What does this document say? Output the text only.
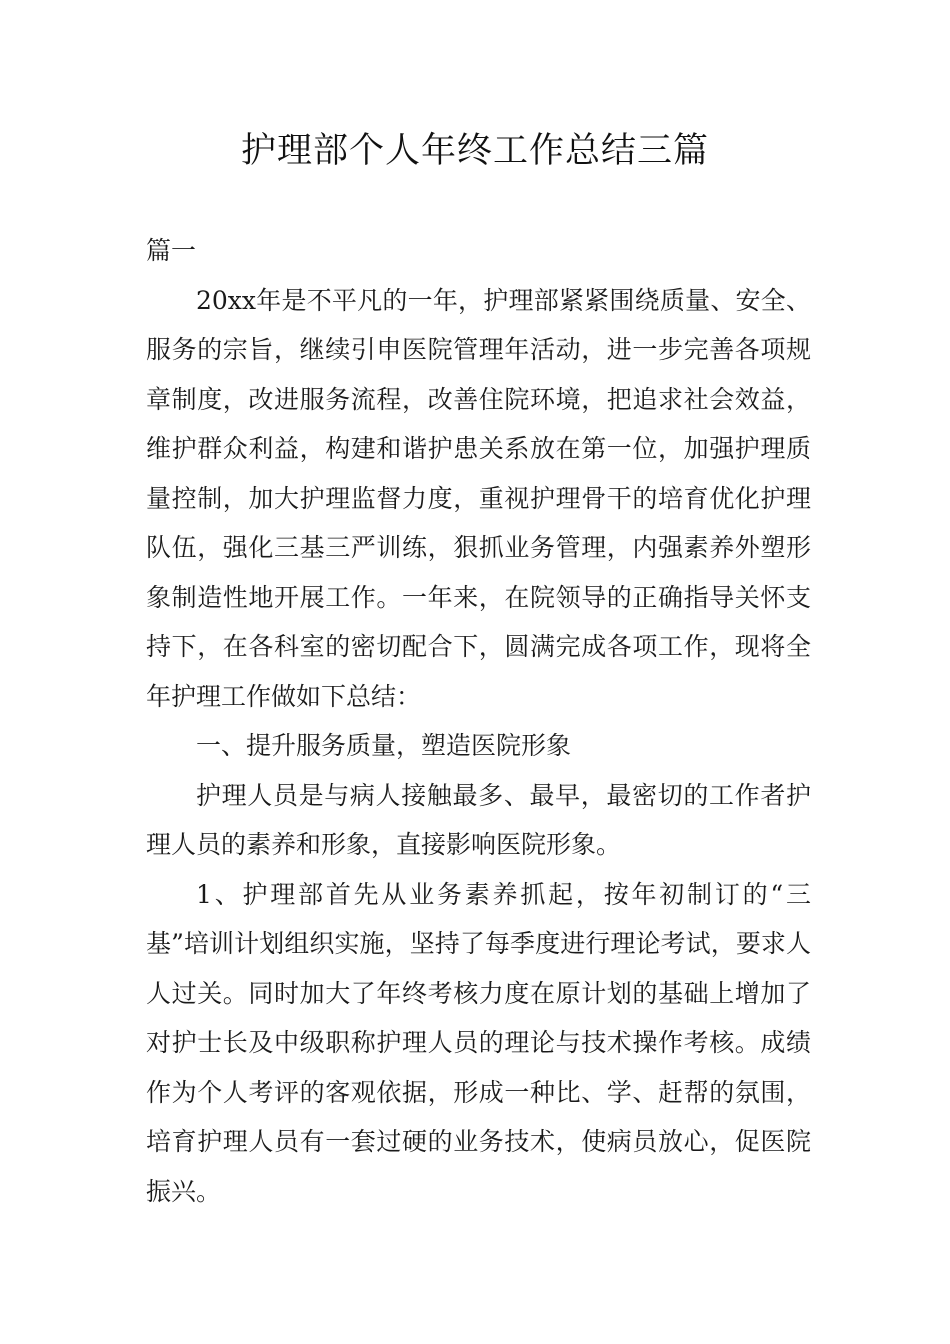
护理部个人年终工作总结三篇

篇一

20xx年是不平凡的一年，护理部紧紧围绕质量、安全、服务的宗旨，继续引申医院管理年活动，进一步完善各项规章制度，改进服务流程，改善住院环境，把追求社会效益，维护群众利益，构建和谐护患关系放在第一位，加强护理质量控制，加大护理监督力度，重视护理骨干的培育优化护理队伍，强化三基三严训练，狠抓业务管理，内强素养外塑形象制造性地开展工作。一年来，在院领导的正确指导关怀支持下，在各科室的密切配合下，圆满完成各项工作，现将全年护理工作做如下总结：

一、提升服务质量，塑造医院形象

护理人员是与病人接触最多、最早，最密切的工作者护理人员的素养和形象，直接影响医院形象。

1、护理部首先从业务素养抓起，按年初制订的“三基”培训计划组织实施，坚持了每季度进行理论考试，要求人人过关。同时加大了年终考核力度在原计划的基础上增加了对护士长及中级职称护理人员的理论与技术操作考核。成绩作为个人考评的客观依据，形成一种比、学、赶帮的氛围，培育护理人员有一套过硬的业务技术，使病员放心，促医院振兴。
